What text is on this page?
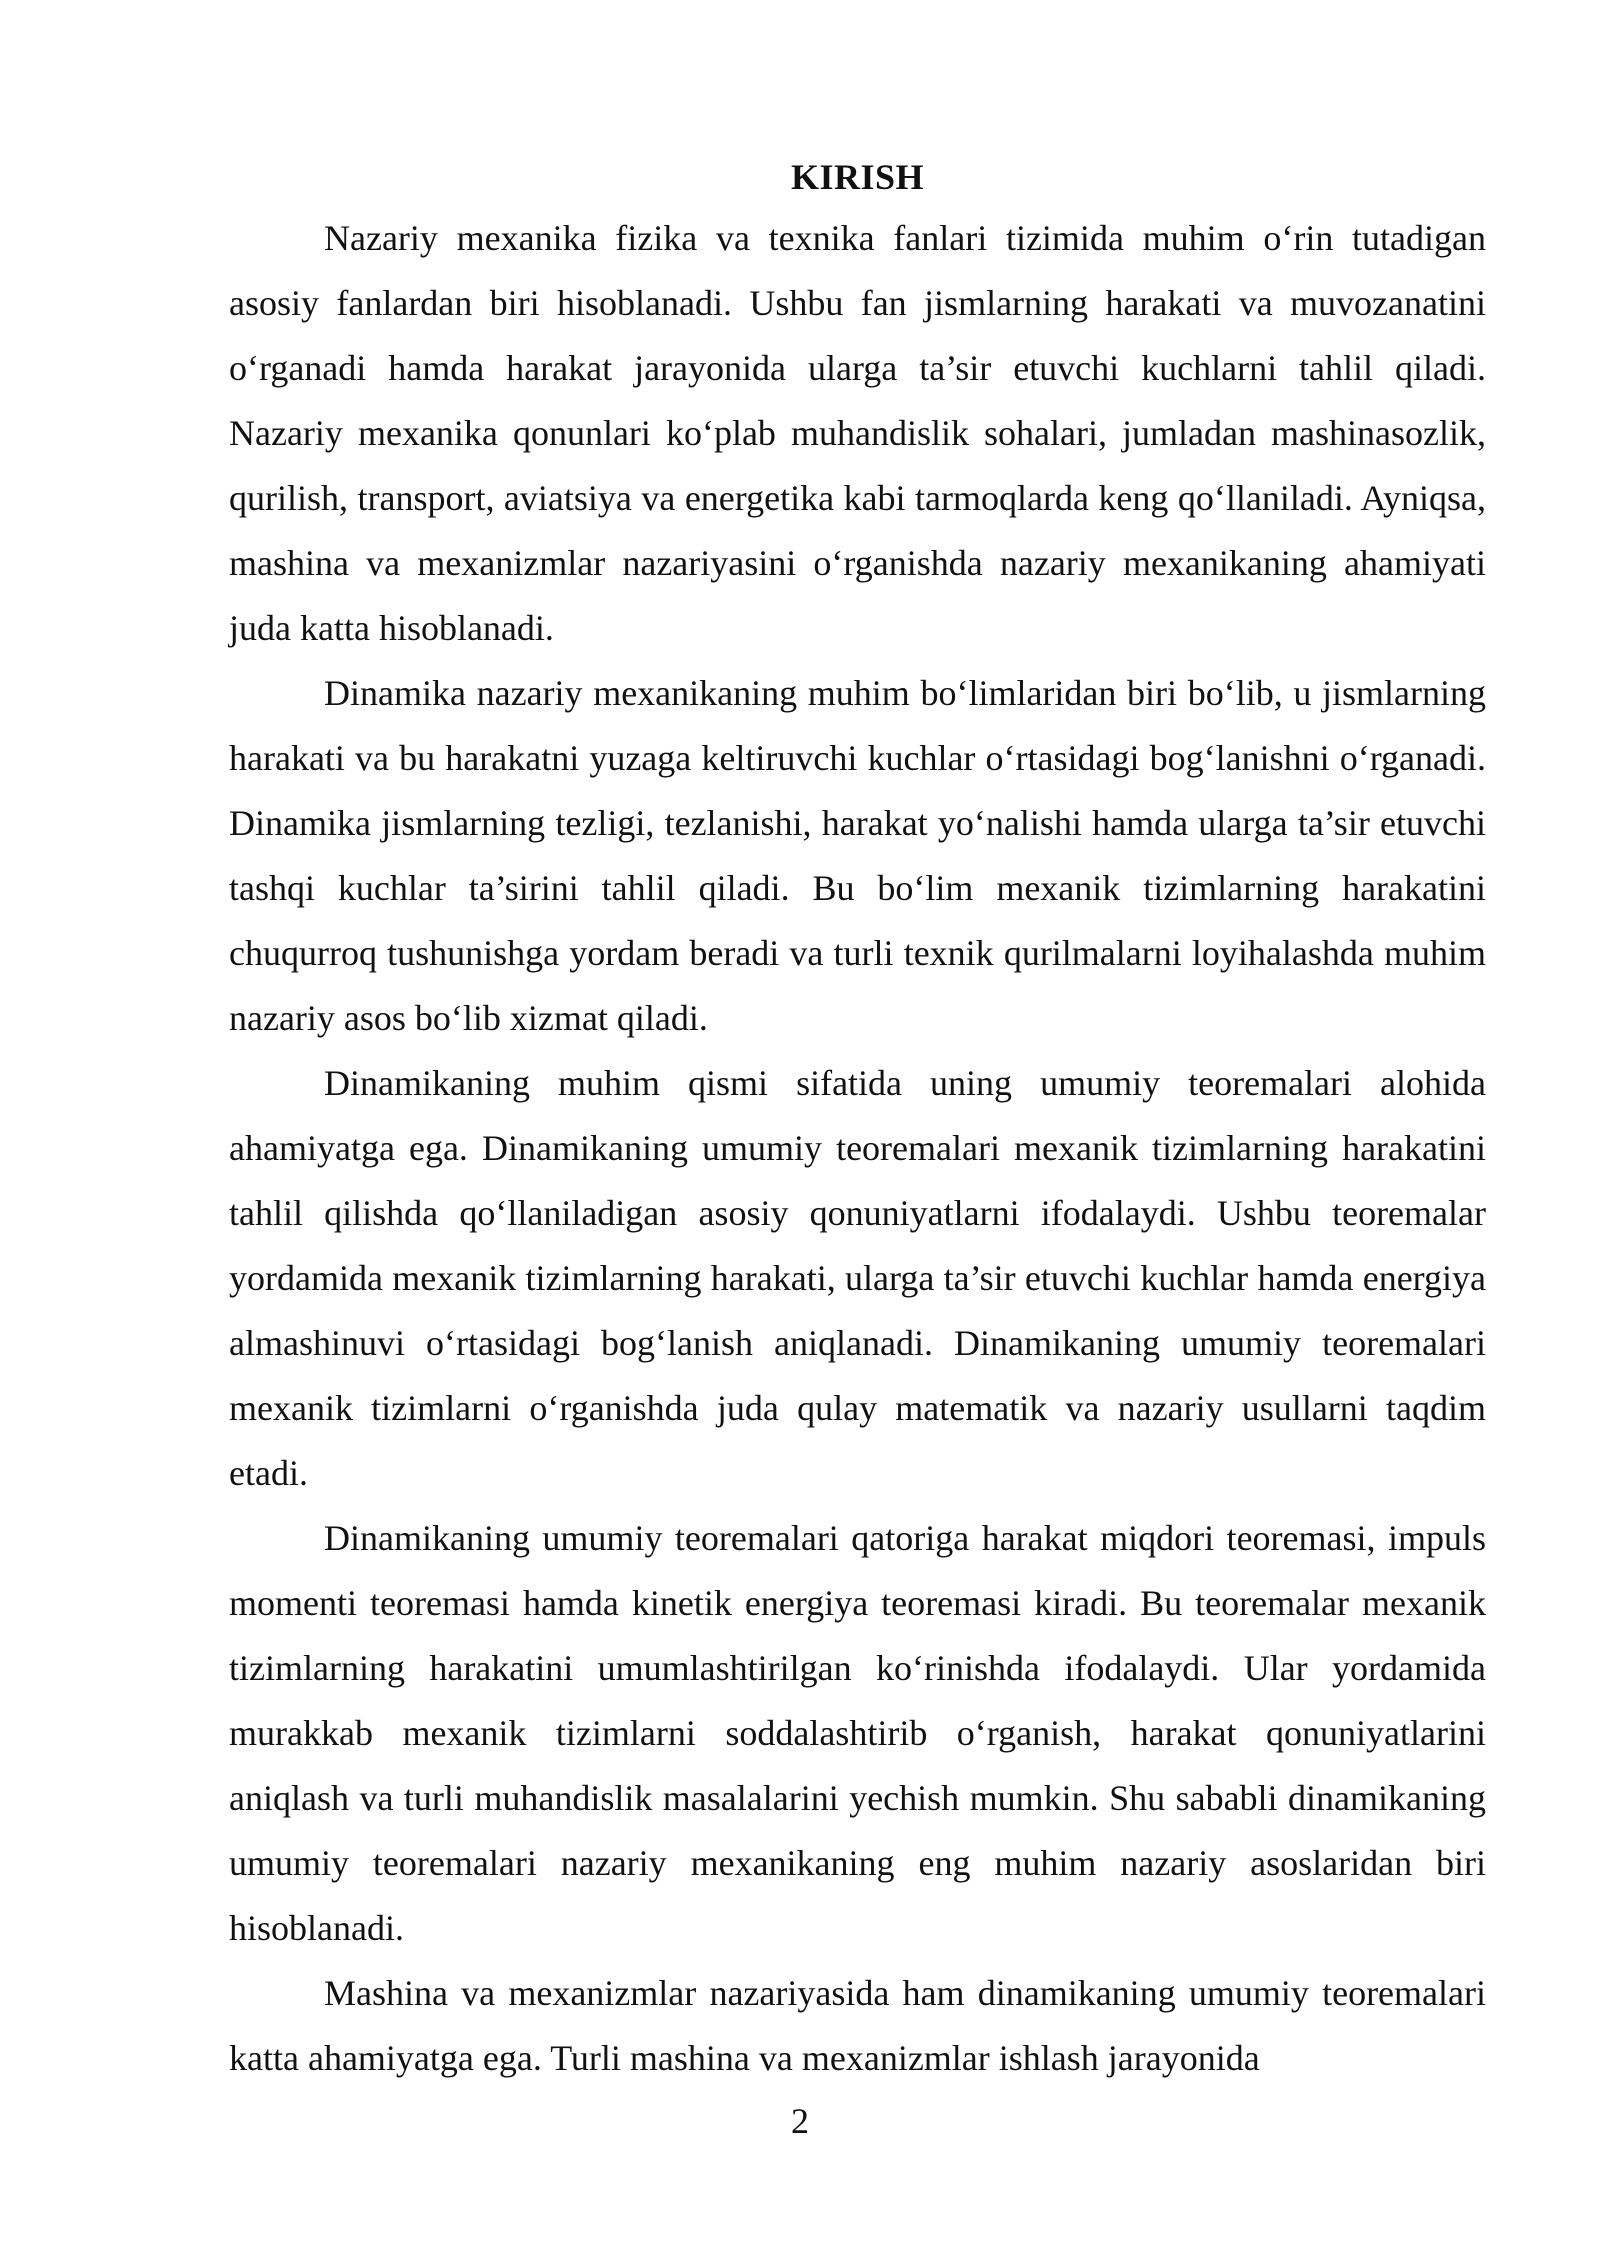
KIRISH

Nazariy mexanika fizika va texnika fanlari tizimida muhim o‘rin tutadigan asosiy fanlardan biri hisoblanadi. Ushbu fan jismlarning harakati va muvozanatini o‘rganadi hamda harakat jarayonida ularga ta’sir etuvchi kuchlarni tahlil qiladi. Nazariy mexanika qonunlari ko‘plab muhandislik sohalari, jumladan mashinasozlik, qurilish, transport, aviatsiya va energetika kabi tarmoqlarda keng qo‘llaniladi. Ayniqsa, mashina va mexanizmlar nazariyasini o‘rganishda nazariy mexanikaning ahamiyati juda katta hisoblanadi.

Dinamika nazariy mexanikaning muhim bo‘limlaridan biri bo‘lib, u jismlarning harakati va bu harakatni yuzaga keltiruvchi kuchlar o‘rtasidagi bog‘lanishni o‘rganadi. Dinamika jismlarning tezligi, tezlanishi, harakat yo‘nalishi hamda ularga ta’sir etuvchi tashqi kuchlar ta’sirini tahlil qiladi. Bu bo‘lim mexanik tizimlarning harakatini chuqurroq tushunishga yordam beradi va turli texnik qurilmalarni loyihalashda muhim nazariy asos bo‘lib xizmat qiladi.

Dinamikaning muhim qismi sifatida uning umumiy teoremalari alohida ahamiyatga ega. Dinamikaning umumiy teoremalari mexanik tizimlarning harakatini tahlil qilishda qo‘llaniladigan asosiy qonuniyatlarni ifodalaydi. Ushbu teoremalar yordamida mexanik tizimlarning harakati, ularga ta’sir etuvchi kuchlar hamda energiya almashinuvi o‘rtasidagi bog‘lanish aniqlanadi. Dinamikaning umumiy teoremalari mexanik tizimlarni o‘rganishda juda qulay matematik va nazariy usullarni taqdim etadi.

Dinamikaning umumiy teoremalari qatoriga harakat miqdori teoremasi, impuls momenti teoremasi hamda kinetik energiya teoremasi kiradi. Bu teoremalar mexanik tizimlarning harakatini umumlashtirilgan ko‘rinishda ifodalaydi. Ular yordamida murakkab mexanik tizimlarni soddalashtirib o‘rganish, harakat qonuniyatlarini aniqlash va turli muhandislik masalalarini yechish mumkin. Shu sababli dinamikaning umumiy teoremalari nazariy mexanikaning eng muhim nazariy asoslaridan biri hisoblanadi.

Mashina va mexanizmlar nazariyasida ham dinamikaning umumiy teoremalari katta ahamiyatga ega. Turli mashina va mexanizmlar ishlash jarayonida

2
